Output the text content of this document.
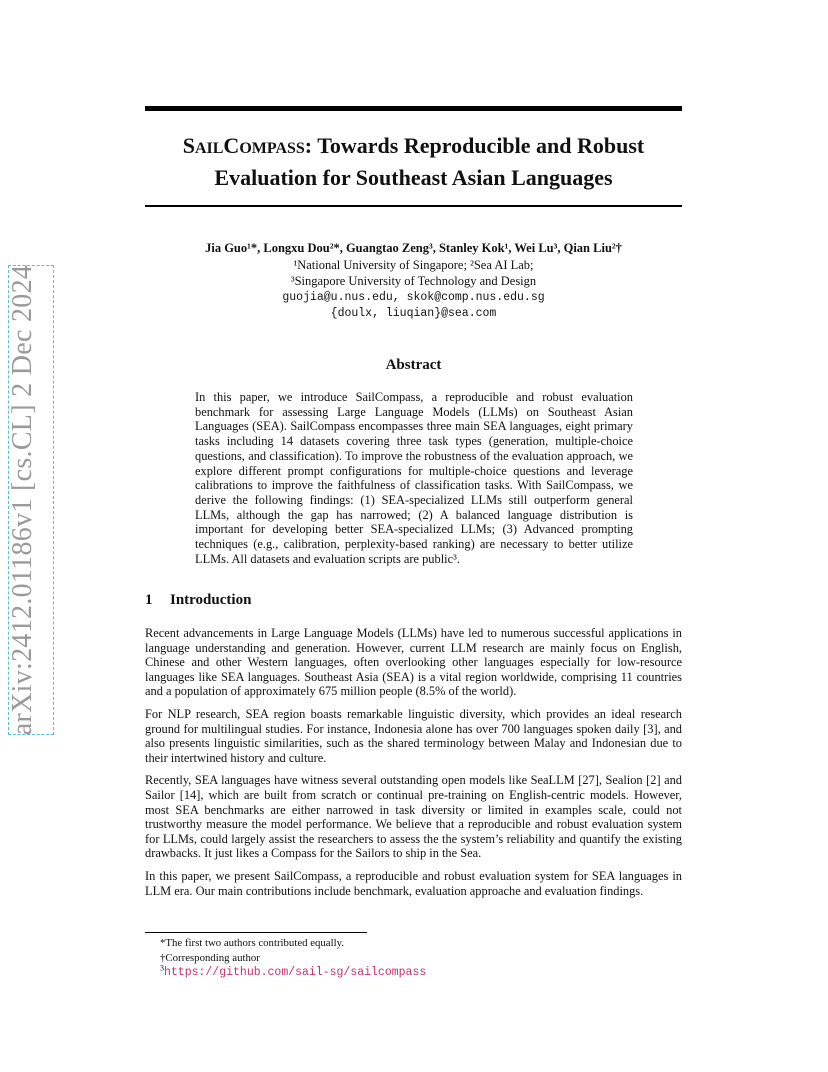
arXiv:2412.01186v1 [cs.CL] 2 Dec 2024
SAILCOMPASS: Towards Reproducible and Robust
Evaluation for Southeast Asian Languages
Jia Guo¹*, Longxu Dou²*, Guangtao Zeng³, Stanley Kok¹, Wei Lu³, Qian Liu²†
¹National University of Singapore; ²Sea AI Lab;
³Singapore University of Technology and Design
guojia@u.nus.edu, skok@comp.nus.edu.sg
{doulx, liuqian}@sea.com
Abstract
In this paper, we introduce SailCompass, a reproducible and robust evaluation benchmark for assessing Large Language Models (LLMs) on Southeast Asian Languages (SEA). SailCompass encompasses three main SEA languages, eight primary tasks including 14 datasets covering three task types (generation, multiple-choice questions, and classification). To improve the robustness of the evaluation approach, we explore different prompt configurations for multiple-choice questions and leverage calibrations to improve the faithfulness of classification tasks. With SailCompass, we derive the following findings: (1) SEA-specialized LLMs still outperform general LLMs, although the gap has narrowed; (2) A balanced language distribution is important for developing better SEA-specialized LLMs; (3) Advanced prompting techniques (e.g., calibration, perplexity-based ranking) are necessary to better utilize LLMs. All datasets and evaluation scripts are public³.
1 Introduction

Recent advancements in Large Language Models (LLMs) have led to numerous successful applications in language understanding and generation. However, current LLM research are mainly focus on English, Chinese and other Western languages, often overlooking other languages especially for low-resource languages like SEA languages. Southeast Asia (SEA) is a vital region worldwide, comprising 11 countries and a population of approximately 675 million people (8.5% of the world).

For NLP research, SEA region boasts remarkable linguistic diversity, which provides an ideal research ground for multilingual studies. For instance, Indonesia alone has over 700 languages spoken daily [3], and also presents linguistic similarities, such as the shared terminology between Malay and Indonesian due to their intertwined history and culture.

Recently, SEA languages have witness several outstanding open models like SeaLLM [27], Sealion [2] and Sailor [14], which are built from scratch or continual pre-training on English-centric models. However, most SEA benchmarks are either narrowed in task diversity or limited in examples scale, could not trustworthy measure the model performance. We believe that a reproducible and robust evaluation system for LLMs, could largely assist the researchers to assess the the system’s reliability and quantify the existing drawbacks. It just likes a Compass for the Sailors to ship in the Sea.

In this paper, we present SailCompass, a reproducible and robust evaluation system for SEA languages in LLM era. Our main contributions include benchmark, evaluation approache and evaluation findings.

*The first two authors contributed equally.
†Corresponding author
$^3$https://github.com/sail-sg/sailcompass
